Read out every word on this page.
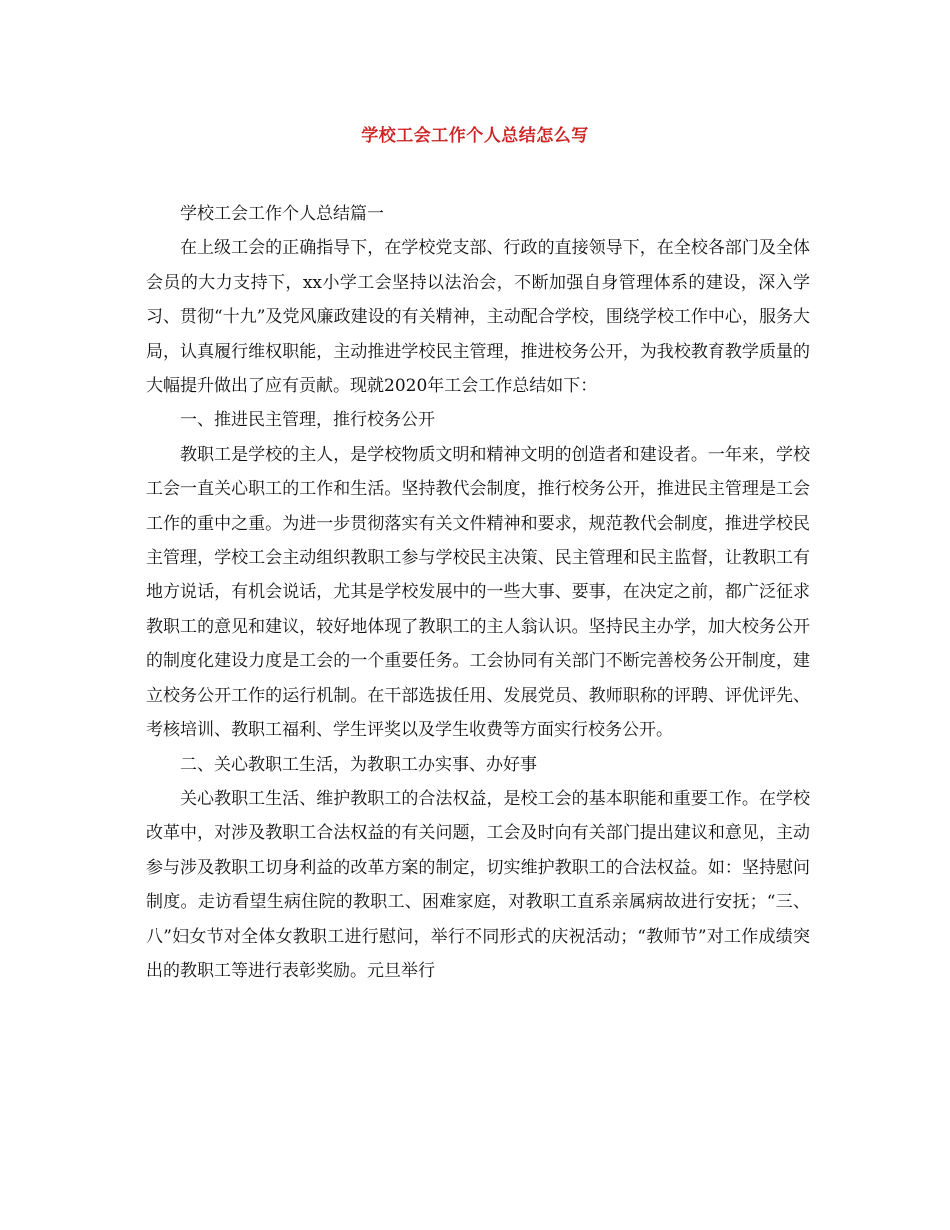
学校工会工作个人总结怎么写

学校工会工作个人总结篇一

在上级工会的正确指导下，在学校党支部、行政的直接领导下，在全校各部门及全体会员的大力支持下，xx小学工会坚持以法治会，不断加强自身管理体系的建设，深入学习、贯彻“十九”及党风廉政建设的有关精神，主动配合学校，围绕学校工作中心，服务大局，认真履行维权职能，主动推进学校民主管理，推进校务公开，为我校教育教学质量的大幅提升做出了应有贡献。现就2020年工会工作总结如下：

一、推进民主管理，推行校务公开

教职工是学校的主人，是学校物质文明和精神文明的创造者和建设者。一年来，学校工会一直关心职工的工作和生活。坚持教代会制度，推行校务公开，推进民主管理是工会工作的重中之重。为进一步贯彻落实有关文件精神和要求，规范教代会制度，推进学校民主管理，学校工会主动组织教职工参与学校民主决策、民主管理和民主监督，让教职工有地方说话，有机会说话，尤其是学校发展中的一些大事、要事，在决定之前，都广泛征求教职工的意见和建议，较好地体现了教职工的主人翁认识。坚持民主办学，加大校务公开的制度化建设力度是工会的一个重要任务。工会协同有关部门不断完善校务公开制度，建立校务公开工作的运行机制。在干部选拔任用、发展党员、教师职称的评聘、评优评先、考核培训、教职工福利、学生评奖以及学生收费等方面实行校务公开。

二、关心教职工生活，为教职工办实事、办好事

关心教职工生活、维护教职工的合法权益，是校工会的基本职能和重要工作。在学校改革中，对涉及教职工合法权益的有关问题，工会及时向有关部门提出建议和意见，主动参与涉及教职工切身利益的改革方案的制定，切实维护教职工的合法权益。如：坚持慰问制度。走访看望生病住院的教职工、困难家庭，对教职工直系亲属病故进行安抚；“三、八”妇女节对全体女教职工进行慰问，举行不同形式的庆祝活动；“教师节”对工作成绩突出的教职工等进行表彰奖励。元旦举行
